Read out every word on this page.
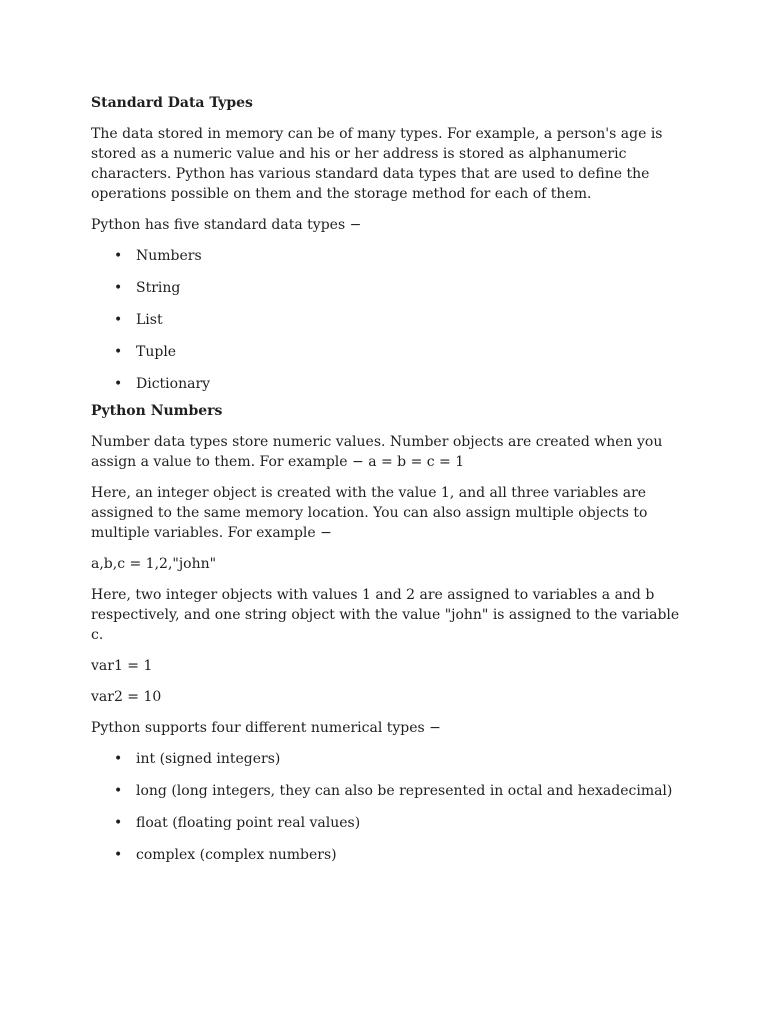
Standard Data Types

The data stored in memory can be of many types. For example, a person's age is stored as a numeric value and his or her address is stored as alphanumeric characters. Python has various standard data types that are used to define the operations possible on them and the storage method for each of them.

Python has five standard data types −

• Numbers
• String
• List
• Tuple
• Dictionary
Python Numbers

Number data types store numeric values. Number objects are created when you assign a value to them. For example − a = b = c = 1

Here, an integer object is created with the value 1, and all three variables are assigned to the same memory location. You can also assign multiple objects to multiple variables. For example −

a,b,c = 1,2,"john"

Here, two integer objects with values 1 and 2 are assigned to variables a and b respectively, and one string object with the value "john" is assigned to the variable c.

var1 = 1

var2 = 10

Python supports four different numerical types −

• int (signed integers)
• long (long integers, they can also be represented in octal and hexadecimal)
• float (floating point real values)
• complex (complex numbers)
